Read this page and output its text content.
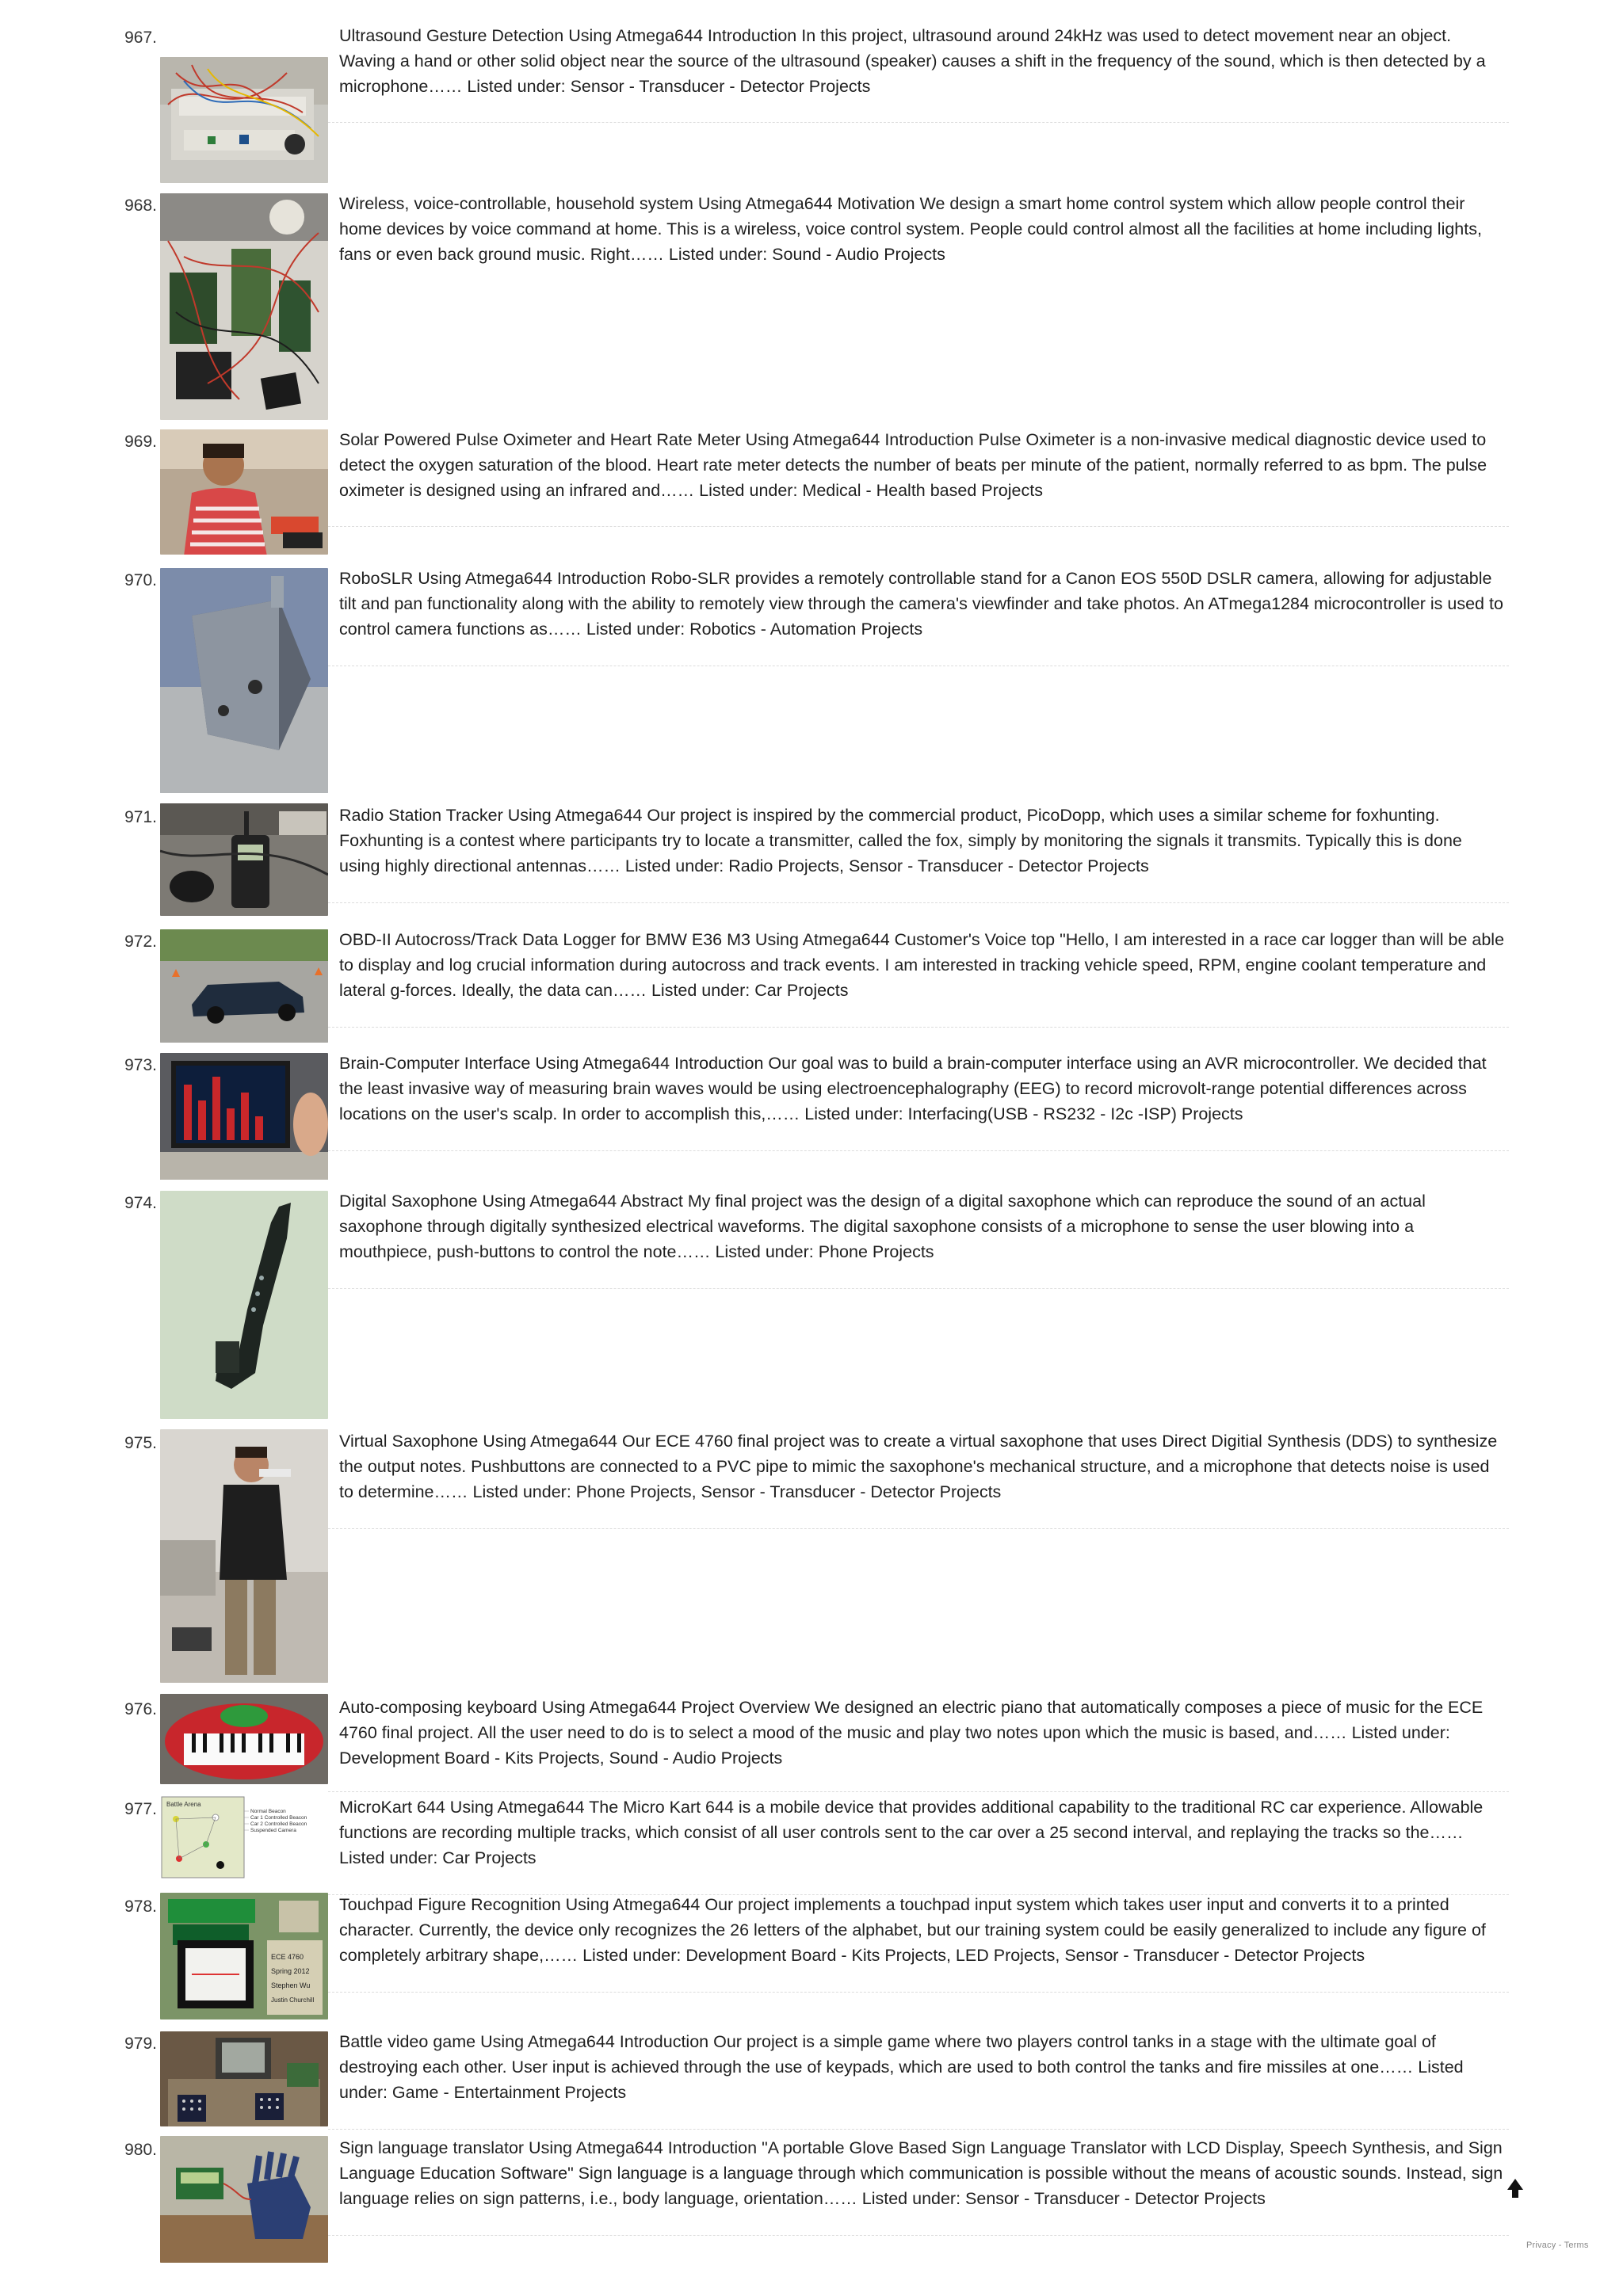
967.	Ultrasound Gesture Detection Using Atmega644 Introduction In this project, ultrasound around 24kHz was used to detect movement near an object. Waving a hand or other solid object near the source of the ultrasound (speaker) causes a shift in the frequency of the sound, which is then detected by a microphone…… Listed under: Sensor - Transducer - Detector Projects

968.	Wireless, voice-controllable, household system Using Atmega644 Motivation We design a smart home control system which allow people control their home devices by voice command at home. This is a wireless, voice control system. People could control almost all the facilities at home including lights, fans or even back ground music. Right…… Listed under: Sound - Audio Projects

969.	Solar Powered Pulse Oximeter and Heart Rate Meter Using Atmega644 Introduction Pulse Oximeter is a non-invasive medical diagnostic device used to detect the oxygen saturation of the blood. Heart rate meter detects the number of beats per minute of the patient, normally referred to as bpm. The pulse oximeter is designed using an infrared and…… Listed under: Medical - Health based Projects

970.	RoboSLR Using Atmega644 Introduction Robo-SLR provides a remotely controllable stand for a Canon EOS 550D DSLR camera, allowing for adjustable tilt and pan functionality along with the ability to remotely view through the camera's viewfinder and take photos. An ATmega1284 microcontroller is used to control camera functions as…… Listed under: Robotics - Automation Projects

971.	Radio Station Tracker Using Atmega644 Our project is inspired by the commercial product, PicoDopp, which uses a similar scheme for foxhunting. Foxhunting is a contest where participants try to locate a transmitter, called the fox, simply by monitoring the signals it transmits. Typically this is done using highly directional antennas…… Listed under: Radio Projects, Sensor - Transducer - Detector Projects

972.	OBD-II Autocross/Track Data Logger for BMW E36 M3 Using Atmega644 Customer's Voice top "Hello, I am interested in a race car logger than will be able to display and log crucial information during autocross and track events. I am interested in tracking vehicle speed, RPM, engine coolant temperature and lateral g-forces. Ideally, the data can…… Listed under: Car Projects

973.	Brain-Computer Interface Using Atmega644 Introduction Our goal was to build a brain-computer interface using an AVR microcontroller. We decided that the least invasive way of measuring brain waves would be using electroencephalography (EEG) to record microvolt-range potential differences across locations on the user's scalp. In order to accomplish this,…… Listed under: Interfacing(USB - RS232 - I2c -ISP) Projects

974.	Digital Saxophone Using Atmega644 Abstract My final project was the design of a digital saxophone which can reproduce the sound of an actual saxophone through digitally synthesized electrical waveforms. The digital saxophone consists of a microphone to sense the user blowing into a mouthpiece, push-buttons to control the note…… Listed under: Phone Projects

975.	Virtual Saxophone Using Atmega644 Our ECE 4760 final project was to create a virtual saxophone that uses Direct Digitial Synthesis (DDS) to synthesize the output notes. Pushbuttons are connected to a PVC pipe to mimic the saxophone's mechanical structure, and a microphone that detects noise is used to determine…… Listed under: Phone Projects, Sensor - Transducer - Detector Projects

976.	Auto-composing keyboard Using Atmega644 Project Overview We designed an electric piano that automatically composes a piece of music for the ECE 4760 final project. All the user need to do is to select a mood of the music and play two notes upon which the music is based, and…… Listed under: Development Board - Kits Projects, Sound - Audio Projects

977. Battle Arena
Normal Beacon
Car 1 Controlled Beacon
Car 2 Controlled Beacon
Suspended Camera

MicroKart 644 Using Atmega644 The Micro Kart 644 is a mobile device that provides additional capability to the traditional RC car experience. Allowable functions are recording multiple tracks, which consist of all user controls sent to the car over a 25 second interval, and replaying the tracks so the…… Listed under: Car Projects

978.
ECE 4760
Spring 2012
Stephen Wu
Justin Churchill

Touchpad Figure Recognition Using Atmega644 Our project implements a touchpad input system which takes user input and converts it to a printed character. Currently, the device only recognizes the 26 letters of the alphabet, but our training system could be easily generalized to include any figure of completely arbitrary shape,…… Listed under: Development Board - Kits Projects, LED Projects, Sensor - Transducer - Detector Projects

979.	Battle video game Using Atmega644 Introduction Our project is a simple game where two players control tanks in a stage with the ultimate goal of destroying each other. User input is achieved through the use of keypads, which are used to both control the tanks and fire missiles at one…… Listed under: Game - Entertainment Projects

980.	Sign language translator Using Atmega644 Introduction "A portable Glove Based Sign Language Translator with LCD Display, Speech Synthesis, and Sign Language Education Software" Sign language is a language through which communication is possible without the means of acoustic sounds. Instead, sign language relies on sign patterns, i.e., body language, orientation…… Listed under: Sensor - Transducer - Detector Projects

Privacy - Terms
